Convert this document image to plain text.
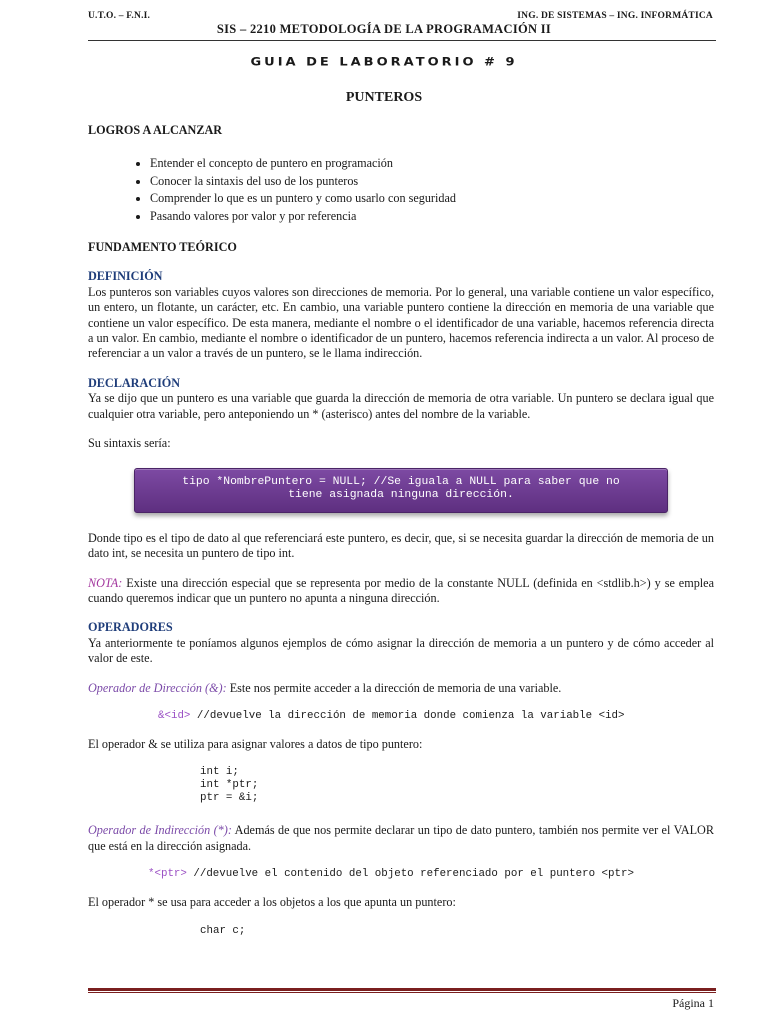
U.T.O. – F.N.I.	ING. DE SISTEMAS – ING. INFORMÁTICA
SIS – 2210 METODOLOGÍA DE LA PROGRAMACIÓN II
GUIA DE LABORATORIO # 9
PUNTEROS

LOGROS A ALCANZAR

• Entender el concepto de puntero en programación
• Conocer la sintaxis del uso de los punteros
• Comprender lo que es un puntero y como usarlo con seguridad
• Pasando valores por valor y por referencia

FUNDAMENTO TEÓRICO

DEFINICIÓN

Los punteros son variables cuyos valores son direcciones de memoria. Por lo general, una variable contiene un valor específico, un entero, un flotante, un carácter, etc. En cambio, una variable puntero contiene la dirección en memoria de una variable que contiene un valor específico. De esta manera, mediante el nombre o el identificador de una variable, hacemos referencia directa a un valor. En cambio, mediante el nombre o identificador de un puntero, hacemos referencia indirecta a un valor. Al proceso de referenciar a un valor a través de un puntero, se le llama indirección.

DECLARACIÓN

Ya se dijo que un puntero es una variable que guarda la dirección de memoria de otra variable. Un puntero se declara igual que cualquier otra variable, pero anteponiendo un * (asterisco) antes del nombre de la variable.

Su sintaxis sería:

tipo *NombrePuntero = NULL; //Se iguala a NULL para saber que no
tiene asignada ninguna dirección.

Donde tipo es el tipo de dato al que referenciará este puntero, es decir, que, si se necesita guardar la dirección de memoria de un dato int, se necesita un puntero de tipo int.

NOTA: Existe una dirección especial que se representa por medio de la constante NULL (definida en <stdlib.h>) y se emplea cuando queremos indicar que un puntero no apunta a ninguna dirección.

OPERADORES

Ya anteriormente te poníamos algunos ejemplos de cómo asignar la dirección de memoria a un puntero y de cómo acceder al valor de este.

Operador de Dirección (&): Este nos permite acceder a la dirección de memoria de una variable.

&<id> //devuelve la dirección de memoria donde comienza la variable <id>

El operador & se utiliza para asignar valores a datos de tipo puntero:

int i;
int *ptr;
ptr = &i;

Operador de Indirección (*): Además de que nos permite declarar un tipo de dato puntero, también nos permite ver el VALOR que está en la dirección asignada.

*<ptr> //devuelve el contenido del objeto referenciado por el puntero <ptr>

El operador * se usa para acceder a los objetos a los que apunta un puntero:

char c;
Página 1
